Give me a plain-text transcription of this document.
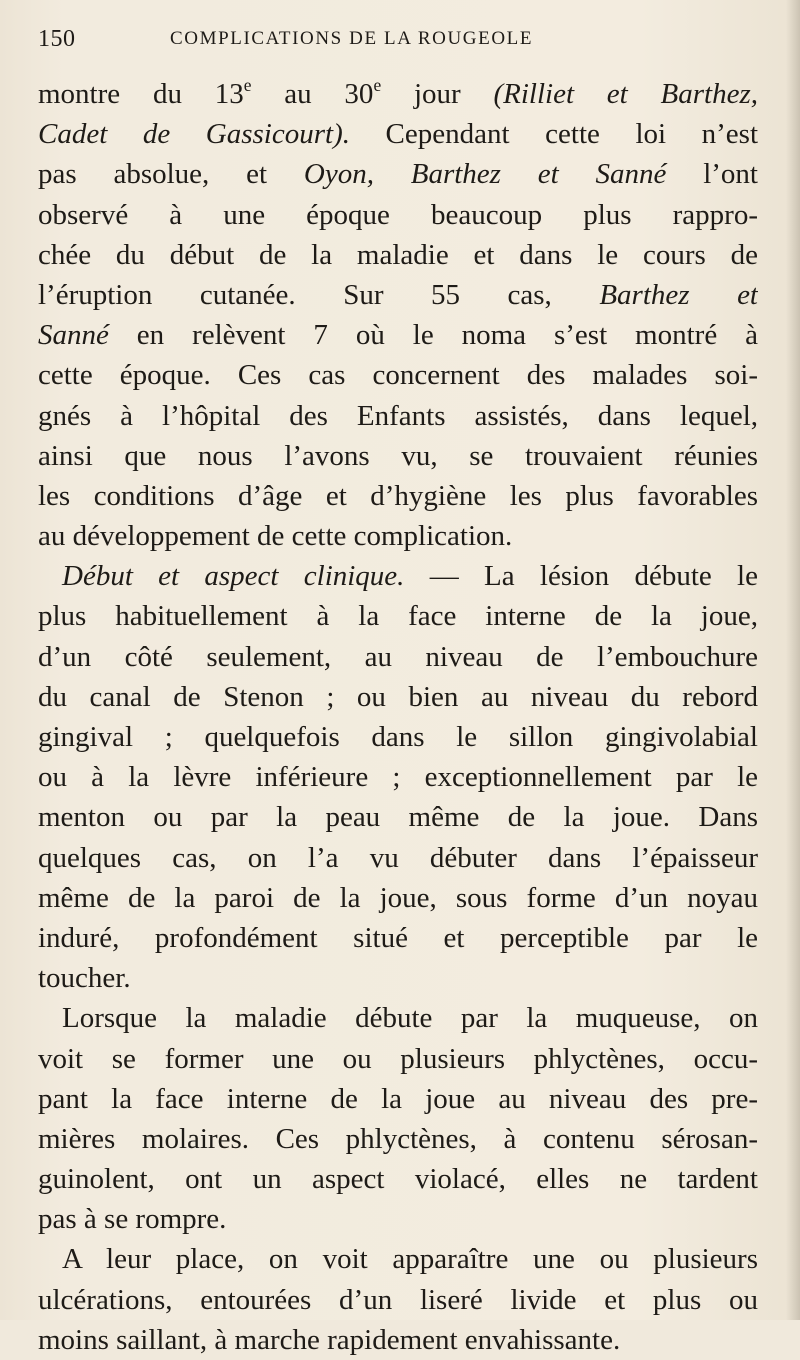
150	COMPLICATIONS DE LA ROUGEOLE
montre du 13e au 30e jour (Rilliet et Barthez,
Cadet de Gassicourt). Cependant cette loi n’est
pas absolue, et Oyon, Barthez et Sanné l’ont
observé à une époque beaucoup plus rappro-
chée du début de la maladie et dans le cours de
l’éruption cutanée. Sur 55 cas, Barthez et
Sanné en relèvent 7 où le noma s’est montré à
cette époque. Ces cas concernent des malades soi-
gnés à l’hôpital des Enfants assistés, dans lequel,
ainsi que nous l’avons vu, se trouvaient réunies
les conditions d’âge et d’hygiène les plus favorables
au développement de cette complication.
Début et aspect clinique. — La lésion débute le
plus habituellement à la face interne de la joue,
d’un côté seulement, au niveau de l’embouchure
du canal de Stenon ; ou bien au niveau du rebord
gingival ; quelquefois dans le sillon gingivolabial
ou à la lèvre inférieure ; exceptionnellement par le
menton ou par la peau même de la joue. Dans
quelques cas, on l’a vu débuter dans l’épaisseur
même de la paroi de la joue, sous forme d’un noyau
induré, profondément situé et perceptible par le
toucher.
Lorsque la maladie débute par la muqueuse, on
voit se former une ou plusieurs phlyctènes, occu-
pant la face interne de la joue au niveau des pre-
mières molaires. Ces phlyctènes, à contenu sérosan-
guinolent, ont un aspect violacé, elles ne tardent
pas à se rompre.
A leur place, on voit apparaître une ou plusieurs
ulcérations, entourées d’un liseré livide et plus ou
moins saillant, à marche rapidement envahissante.
